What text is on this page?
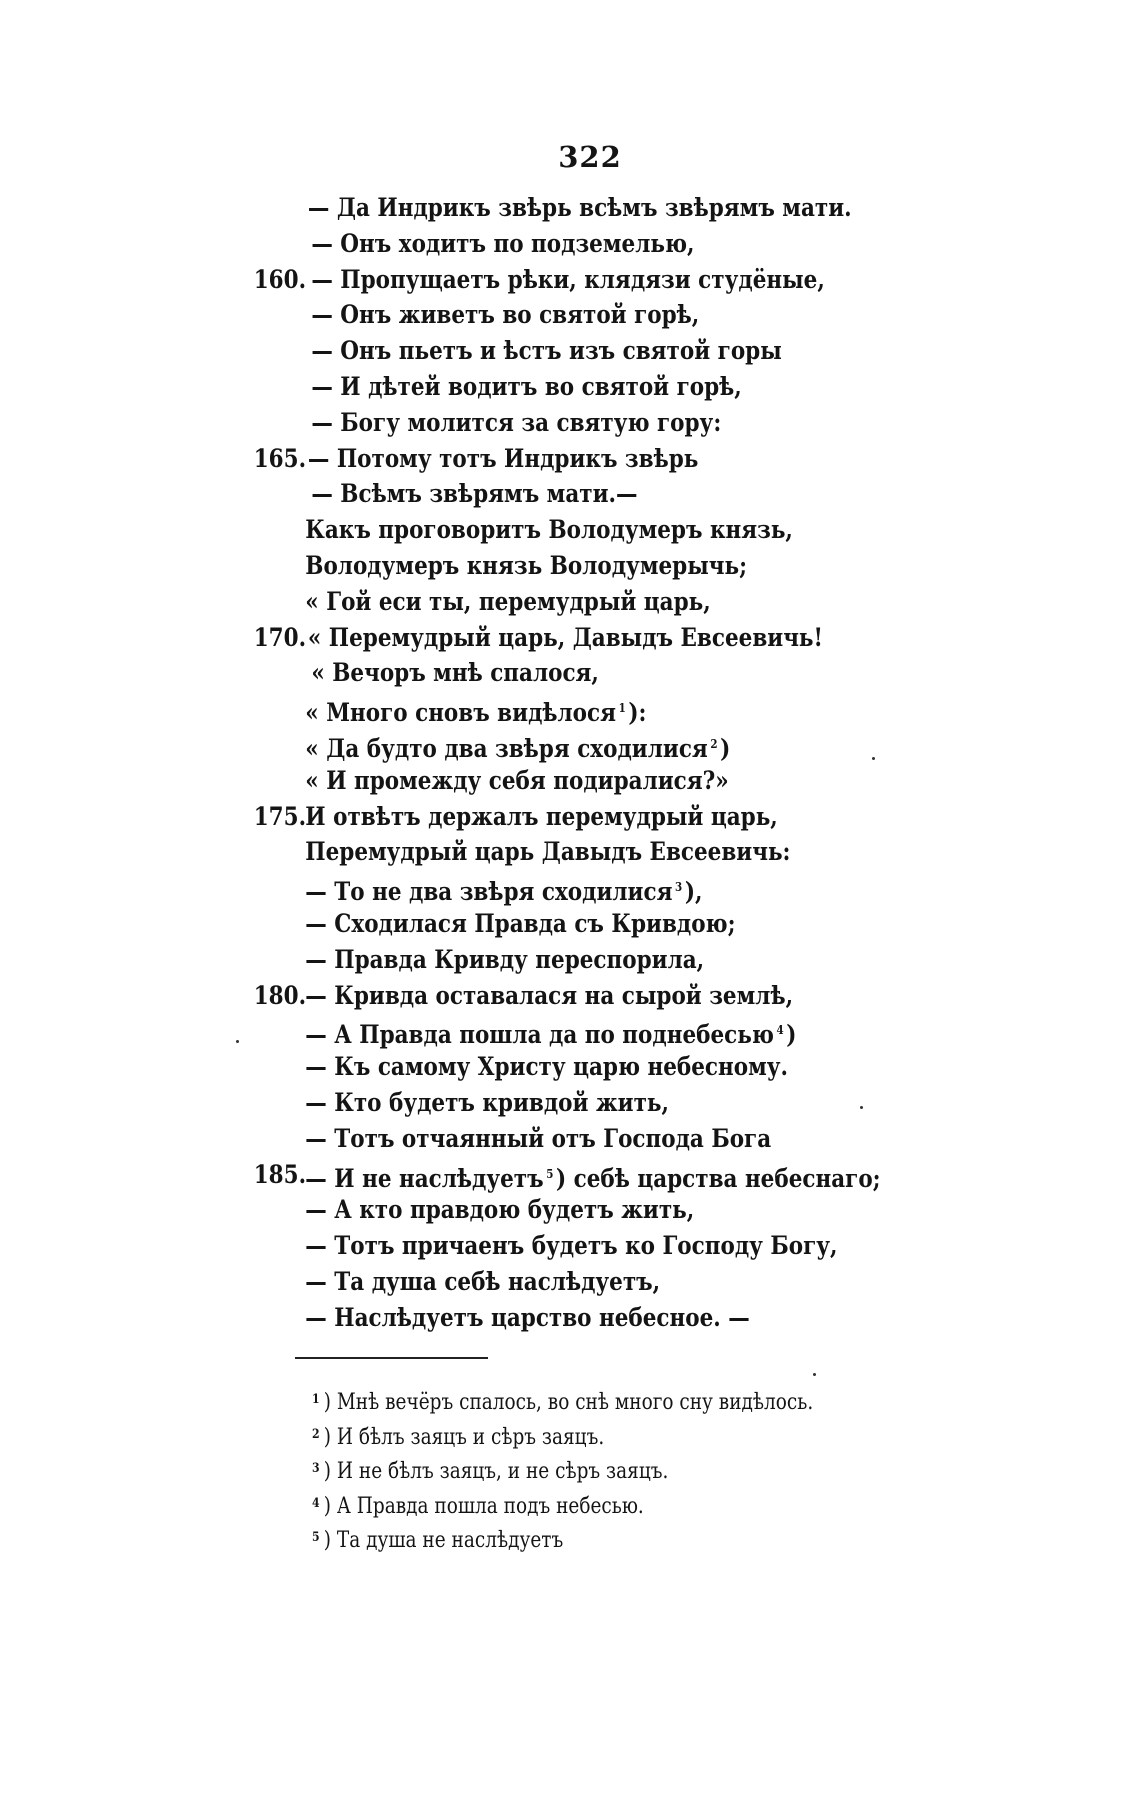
322
— Да Индрикъ звѣрь всѣмъ звѣрямъ мати.
— Онъ ходитъ по подземелью,
160. — Пропущаетъ рѣки, клядязи студёные,
— Онъ живетъ во святой горѣ,
— Онъ пьетъ и ѣстъ изъ святой горы
— И дѣтей водитъ во святой горѣ,
— Богу молится за святую гору:
165. — Потому тотъ Индрикъ звѣрь
— Всѣмъ звѣрямъ мати.—
Какъ проговоритъ Володумеръ князь,
Володумеръ князь Володумерычь;
« Гой еси ты, перемудрый царь,
170. « Перемудрый царь, Давыдъ Евсеевичь!
« Вечоръ мнѣ спалося,
« Много сновъ видѣлося $^1$ ):
« Да будто два звѣря сходилися $^2$ )
« И промежду себя подиралися?»
175. И отвѣтъ держалъ перемудрый царь,
Перемудрый царь Давыдъ Евсеевичь:
— То не два звѣря сходилися $^3$ ),
— Сходилася Правда съ Кривдою;
— Правда Кривду переспорила,
180. — Кривда оставалася на сырой землѣ,
— А Правда пошла да по поднебесью $^4$ )
— Къ самому Христу царю небесному.
— Кто будетъ кривдой жить,
— Тотъ отчаянный отъ Господа Бога
185. — И не наслѣдуетъ $^5$ ) себѣ царства небеснаго;
— А кто правдою будетъ жить,
— Тотъ причаенъ будетъ ко Господу Богу,
— Та душа себѣ наслѣдуетъ,
— Наслѣдуетъ царство небесное. —
$^1$ ) Мнѣ вечёръ спалось, во снѣ много сну видѣлось.
$^2$ ) И бѣлъ заяцъ и сѣръ заяцъ.
$^3$ ) И не бѣлъ заяцъ, и не сѣръ заяцъ.
$^4$ ) А Правда пошла подъ небесью.
$^5$ ) Та душа не наслѣдуетъ
